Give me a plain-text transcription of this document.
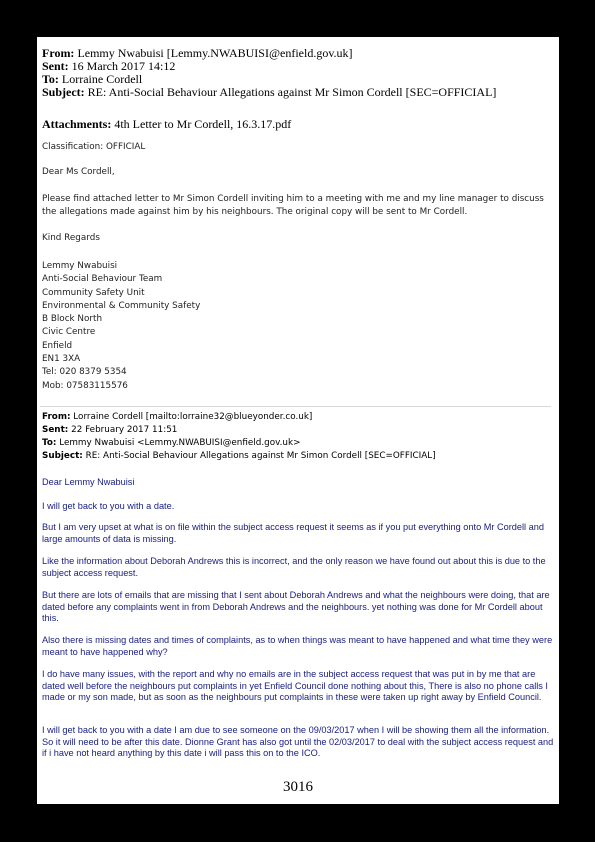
From: Lemmy Nwabuisi [Lemmy.NWABUISI@enfield.gov.uk]
Sent: 16 March 2017 14:12
To: Lorraine Cordell
Subject: RE: Anti-Social Behaviour Allegations against Mr Simon Cordell [SEC=OFFICIAL]
Attachments: 4th Letter to Mr Cordell, 16.3.17.pdf
Classification: OFFICIAL
Dear Ms Cordell,
Please find attached letter to Mr Simon Cordell inviting him to a meeting with me and my line manager to discuss the allegations made against him by his neighbours. The original copy will be sent to Mr Cordell.
Kind Regards
Lemmy Nwabuisi
Anti-Social Behaviour Team
Community Safety Unit
Environmental & Community Safety
B Block North
Civic Centre
Enfield
EN1 3XA
Tel: 020 8379 5354
Mob: 07583115576
From: Lorraine Cordell [mailto:lorraine32@blueyonder.co.uk]
Sent: 22 February 2017 11:51
To: Lemmy Nwabuisi <Lemmy.NWABUISI@enfield.gov.uk>
Subject: RE: Anti-Social Behaviour Allegations against Mr Simon Cordell [SEC=OFFICIAL]
Dear Lemmy Nwabuisi
I will get back to you with a date.
But I am very upset at what is on file within the subject access request it seems as if you put everything onto Mr Cordell and large amounts of data is missing.
Like the information about Deborah Andrews this is incorrect, and the only reason we have found out about this is due to the subject access request.
But there are lots of emails that are missing that I sent about Deborah Andrews and what the neighbours were doing, that are dated before any complaints went in from Deborah Andrews and the neighbours. yet nothing was done for Mr Cordell about this.
Also there is missing dates and times of complaints, as to when things was meant to have happened and what time they were meant to have happened why?
I do have many issues, with the report and why no emails are in the subject access request that was put in by me that are dated well before the neighbours put complaints in yet Enfield Council done nothing about this, There is also no phone calls I made or my son made, but as soon as the neighbours put complaints in these were taken up right away by Enfield Council.
I will get back to you with a date I am due to see someone on the 09/03/2017 when I will be showing them all the information. So it will need to be after this date. Dionne Grant has also got until the 02/03/2017 to deal with the subject access request and if i have not heard anything by this date i will pass this on to the ICO.
3016
